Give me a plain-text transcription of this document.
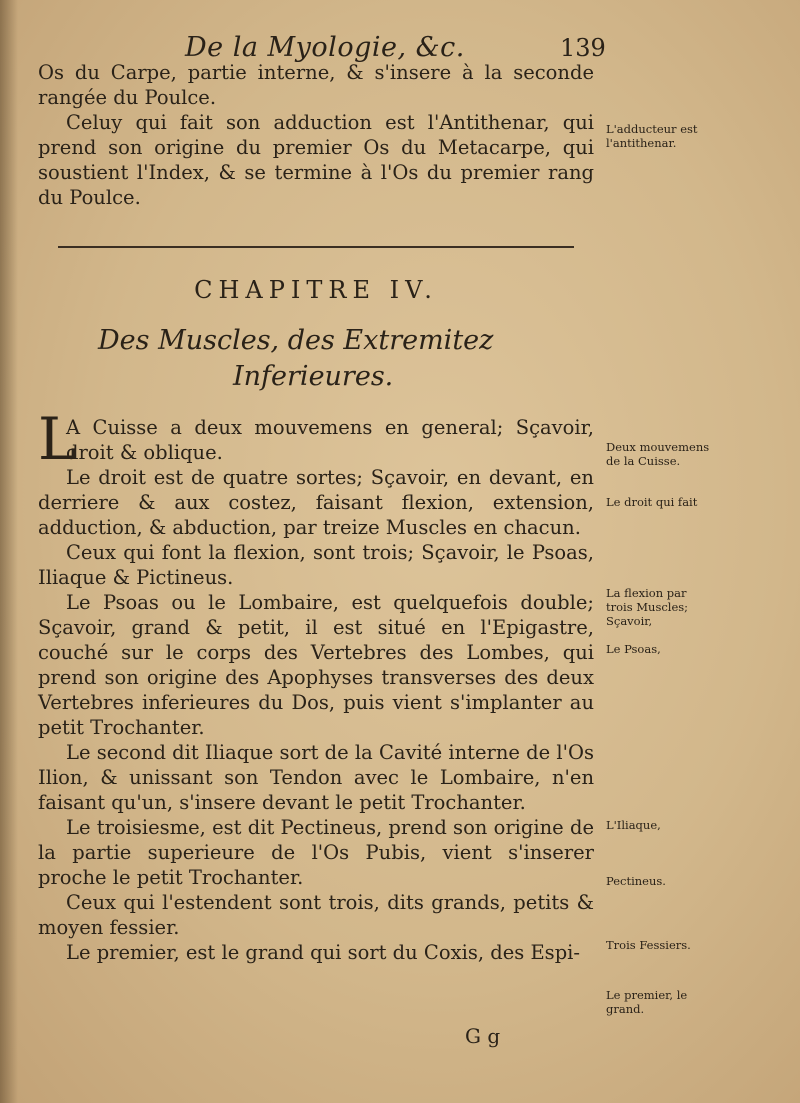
De la Myologie, &c.	139

Os du Carpe, partie interne, & s'insere à la seconde rangée du Poulce.

Celuy qui fait son adduction est l'Antithenar, qui prend son origine du premier Os du Metacarpe, qui soustient l'Index, & se termine à l'Os du premier rang du Poulce.

CHAPITRE IV.
Des Muscles, des Extremitez
Inferieures.
L

A Cuisse a deux mouvemens en general; Sçavoir, droit & oblique.

Le droit est de quatre sortes; Sçavoir, en devant, en derriere & aux costez, faisant flexion, extension, adduction, & abduction, par treize Muscles en chacun.

Ceux qui font la flexion, sont trois; Sçavoir, le Psoas, Iliaque & Pictineus.

Le Psoas ou le Lombaire, est quelquefois double; Sçavoir, grand & petit, il est situé en l'Epigastre, couché sur le corps des Vertebres des Lombes, qui prend son origine des Apophyses transverses des deux Vertebres inferieures du Dos, puis vient s'implanter au petit Trochanter.

Le second dit Iliaque sort de la Cavité interne de l'Os Ilion, & unissant son Tendon avec le Lombaire, n'en faisant qu'un, s'insere devant le petit Trochanter.

Le troisiesme, est dit Pectineus, prend son origine de la partie superieure de l'Os Pubis, vient s'inserer proche le petit Trochanter.

Ceux qui l'estendent sont trois, dits grands, petits & moyen fessier.

Le premier, est le grand qui sort du Coxis, des Espi-

G g
L'adducteur est l'antithenar.
Deux mouvemens de la Cuisse.
Le droit qui fait
La flexion par trois Muscles; Sçavoir,
Le Psoas,
L'Iliaque,
Pectineus.
Trois Fessiers.
Le premier, le grand.
